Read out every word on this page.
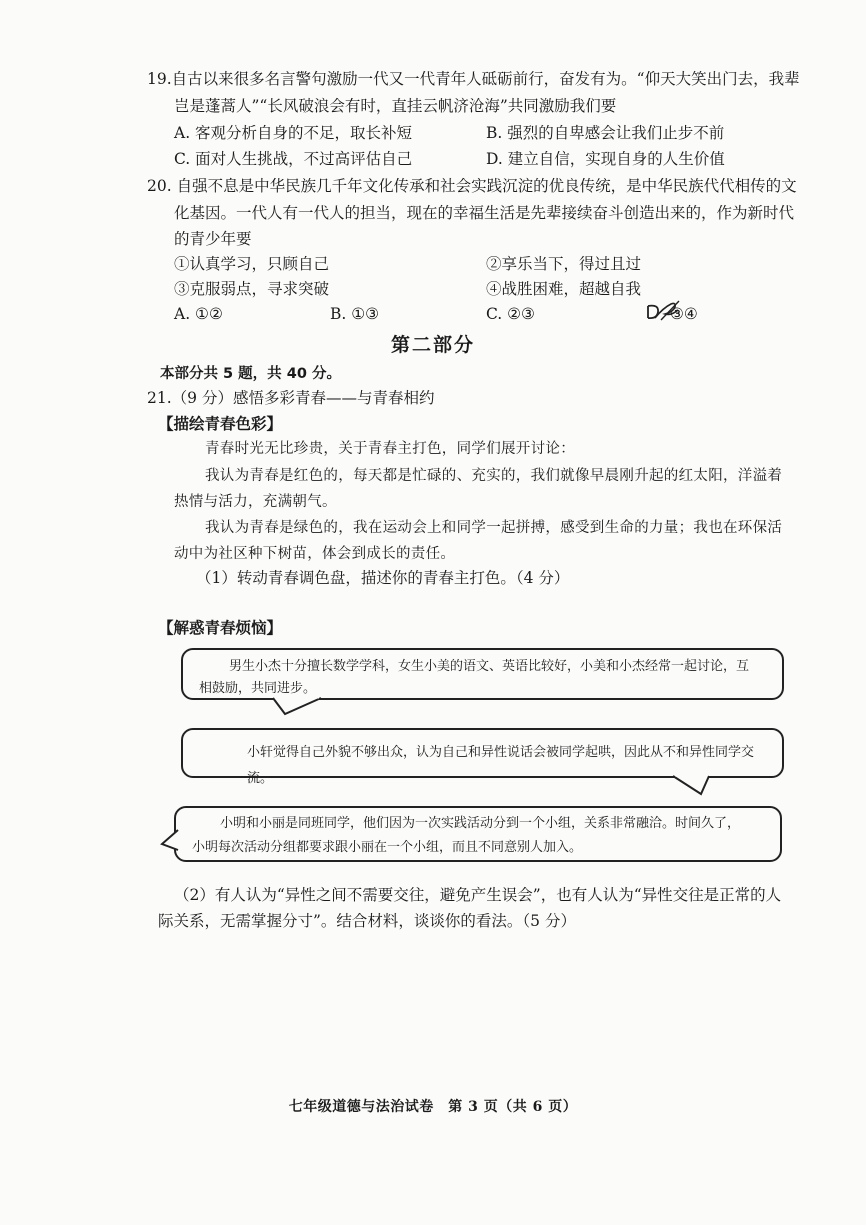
19.自古以来很多名言警句激励一代又一代青年人砥砺前行，奋发有为。“仰天大笑出门去，我辈
岂是蓬蒿人”“长风破浪会有时，直挂云帆济沧海”共同激励我们要
A. 客观分析自身的不足，取长补短	B. 强烈的自卑感会让我们止步不前
C. 面对人生挑战，不过高评估自己	D. 建立自信，实现自身的人生价值
20. 自强不息是中华民族几千年文化传承和社会实践沉淀的优良传统，是中华民族代代相传的文
化基因。一代人有一代人的担当，现在的幸福生活是先辈接续奋斗创造出来的，作为新时代
的青少年要
①认真学习，只顾自己	②享乐当下，得过且过
③克服弱点，寻求突破	④战胜困难，超越自我
A. ①②	B. ①③	C. ②③	③④
第二部分
本部分共 5 题，共 40 分。
21.（9 分）感悟多彩青春——与青春相约
【描绘青春色彩】
青春时光无比珍贵，关于青春主打色，同学们展开讨论：
我认为青春是红色的，每天都是忙碌的、充实的，我们就像早晨刚升起的红太阳，洋溢着
热情与活力，充满朝气。
我认为青春是绿色的，我在运动会上和同学一起拼搏，感受到生命的力量；我也在环保活
动中为社区种下树苗，体会到成长的责任。
（1）转动青春调色盘，描述你的青春主打色。（4 分）
【解惑青春烦恼】
男生小杰十分擅长数学学科，女生小美的语文、英语比较好，小美和小杰经常一起讨论，互
相鼓励，共同进步。
小轩觉得自己外貌不够出众，认为自己和异性说话会被同学起哄，因此从不和异性同学交流。
小明和小丽是同班同学，他们因为一次实践活动分到一个小组，关系非常融洽。时间久了，
小明每次活动分组都要求跟小丽在一个小组，而且不同意别人加入。
（2）有人认为“异性之间不需要交往，避免产生误会”，也有人认为“异性交往是正常的人
际关系，无需掌握分寸”。结合材料，谈谈你的看法。（5 分）
七年级道德与法治试卷　第 3 页（共 6 页）
